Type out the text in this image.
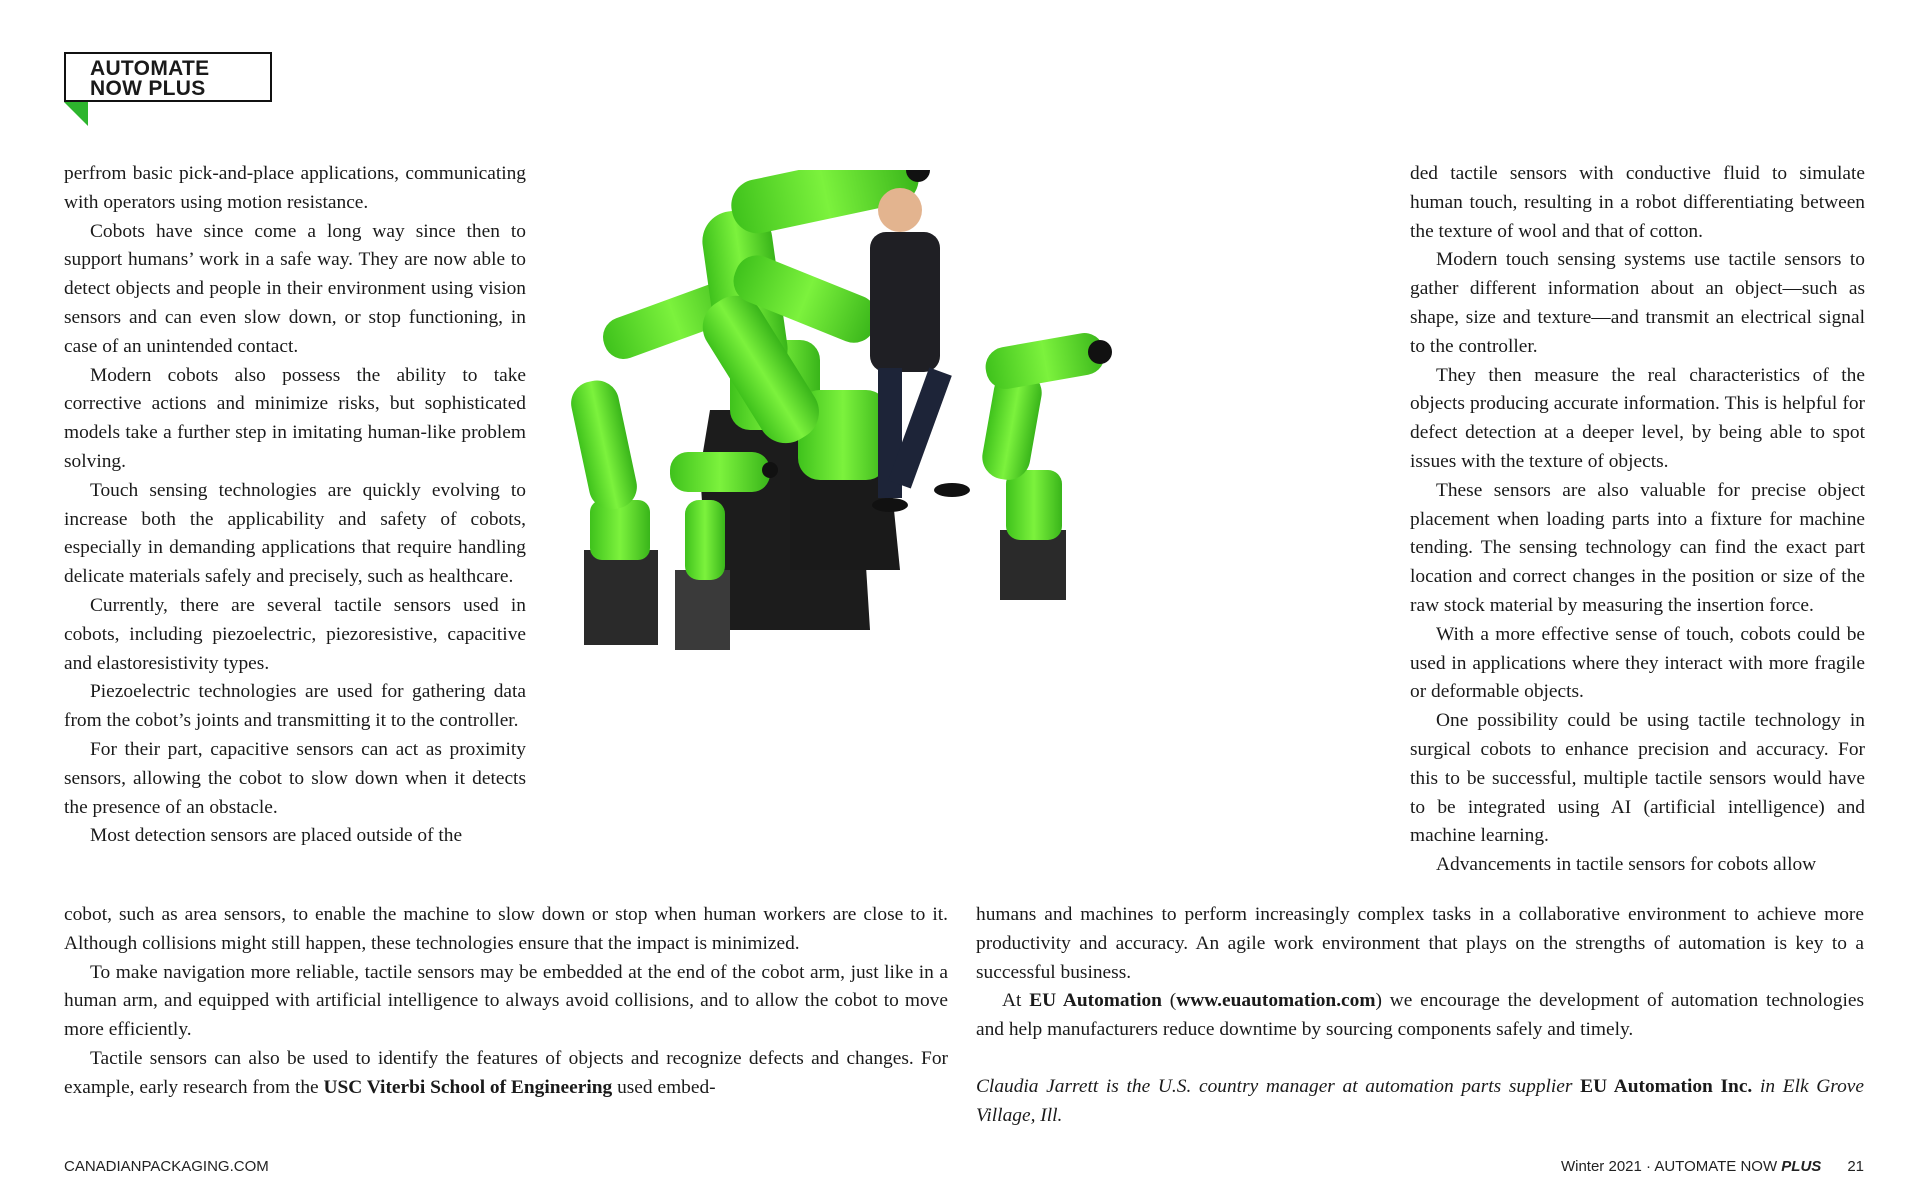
AUTOMATE
NOW PLUS

perfrom basic pick-and-place applications, communicating with operators using motion resistance.

Cobots have since come a long way since then to support humans’ work in a safe way. They are now able to detect objects and people in their environment using vision sensors and can even slow down, or stop functioning, in case of an unintended contact.

Modern cobots also possess the ability to take corrective actions and minimize risks, but sophisticated models take a further step in imitating human-like problem solving.

Touch sensing technologies are quickly evolving to increase both the applicability and safety of cobots, especially in demanding applications that require handling delicate materials safely and precisely, such as healthcare.

Currently, there are several tactile sensors used in cobots, including piezoelectric, piezoresistive, capacitive and elastoresistivity types.

Piezoelectric technologies are used for gathering data from the cobot’s joints and transmitting it to the controller.

For their part, capacitive sensors can act as proximity sensors, allowing the cobot to slow down when it detects the presence of an obstacle.

Most detection sensors are placed outside of the

ded tactile sensors with conductive fluid to simulate human touch, resulting in a robot differentiating between the texture of wool and that of cotton.

Modern touch sensing systems use tactile sensors to gather different information about an object—such as shape, size and texture—and transmit an electrical signal to the controller.

They then measure the real characteristics of the objects producing accurate information. This is helpful for defect detection at a deeper level, by being able to spot issues with the texture of objects.

These sensors are also valuable for precise object placement when loading parts into a fixture for machine tending. The sensing technology can find the exact part location and correct changes in the position or size of the raw stock material by measuring the insertion force.

With a more effective sense of touch, cobots could be used in applications where they interact with more fragile or deformable objects.

One possibility could be using tactile technology in surgical cobots to enhance precision and accuracy. For this to be successful, multiple tactile sensors would have to be integrated using AI (artificial intelligence) and machine learning.

Advancements in tactile sensors for cobots allow

cobot, such as area sensors, to enable the machine to slow down or stop when human workers are close to it. Although collisions might still happen, these technologies ensure that the impact is minimized.

To make navigation more reliable, tactile sensors may be embedded at the end of the cobot arm, just like in a human arm, and equipped with artificial intelligence to always avoid collisions, and to allow the cobot to move more efficiently.

Tactile sensors can also be used to identify the features of objects and recognize defects and changes. For example, early research from the USC Viterbi School of Engineering used embed-

humans and machines to perform increasingly complex tasks in a collaborative environment to achieve more productivity and accuracy. An agile work environment that plays on the strengths of automation is key to a successful business.

At EU Automation (www.euautomation.com) we encourage the development of automation technologies and help manufacturers reduce downtime by sourcing components safely and timely.

Claudia Jarrett is the U.S. country manager at automation parts supplier EU Automation Inc. in Elk Grove Village, Ill.

CANADIANPACKAGING.COM	Winter 2021 · AUTOMATE NOW PLUS 21
